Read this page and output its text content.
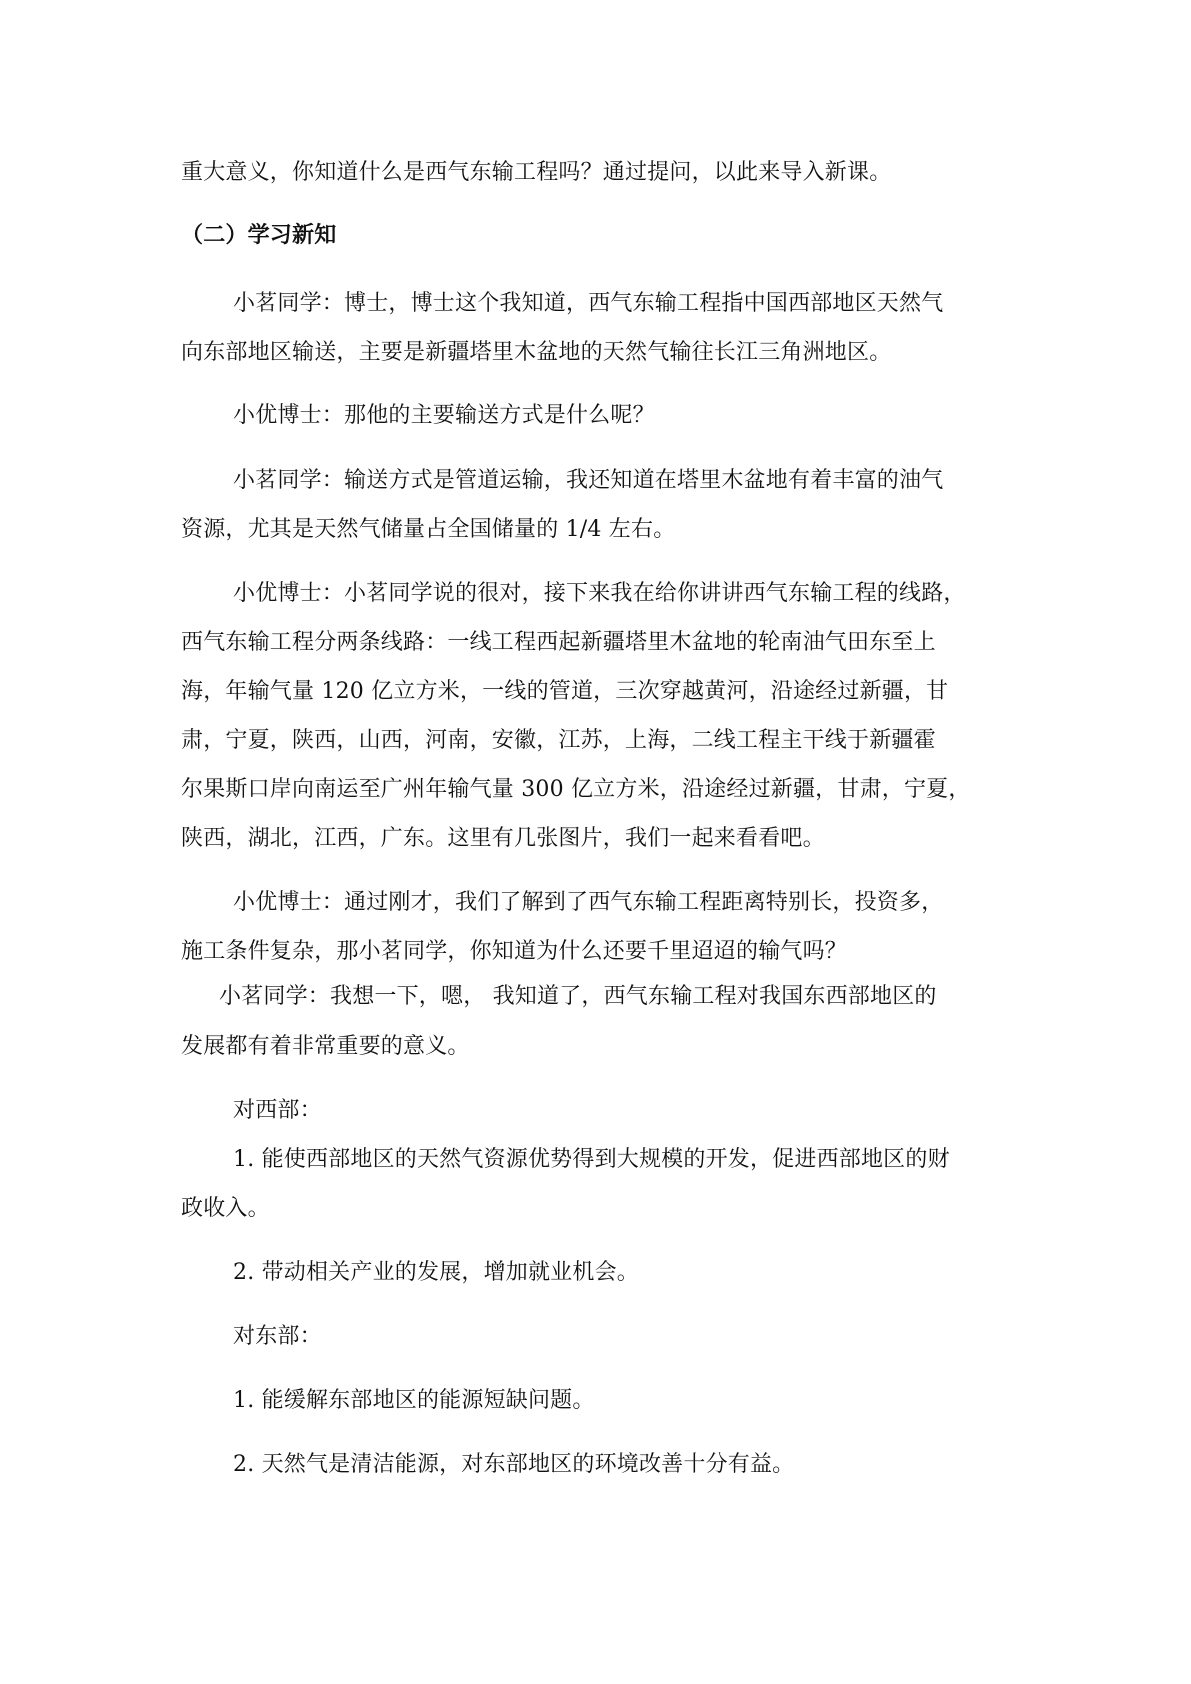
重大意义，你知道什么是西气东输工程吗？通过提问，以此来导入新课。
（二）学习新知
小茗同学：博士，博士这个我知道，西气东输工程指中国西部地区天然气
向东部地区输送，主要是新疆塔里木盆地的天然气输往长江三角洲地区。
小优博士：那他的主要输送方式是什么呢？
小茗同学：输送方式是管道运输，我还知道在塔里木盆地有着丰富的油气
资源，尤其是天然气储量占全国储量的 1/4 左右。
小优博士：小茗同学说的很对，接下来我在给你讲讲西气东输工程的线路，
西气东输工程分两条线路：一线工程西起新疆塔里木盆地的轮南油气田东至上
海，年输气量 120 亿立方米，一线的管道，三次穿越黄河，沿途经过新疆，甘
肃，宁夏，陕西，山西，河南，安徽，江苏，上海，二线工程主干线于新疆霍
尔果斯口岸向南运至广州年输气量 300 亿立方米，沿途经过新疆，甘肃，宁夏，
陕西，湖北，江西，广东。这里有几张图片，我们一起来看看吧。
小优博士：通过刚才，我们了解到了西气东输工程距离特别长，投资多，
施工条件复杂，那小茗同学，你知道为什么还要千里迢迢的输气吗？
小茗同学：我想一下，嗯， 我知道了，西气东输工程对我国东西部地区的
发展都有着非常重要的意义。
对西部：
1. 能使西部地区的天然气资源优势得到大规模的开发，促进西部地区的财
政收入。
2. 带动相关产业的发展，增加就业机会。
对东部：
1. 能缓解东部地区的能源短缺问题。
2. 天然气是清洁能源，对东部地区的环境改善十分有益。
